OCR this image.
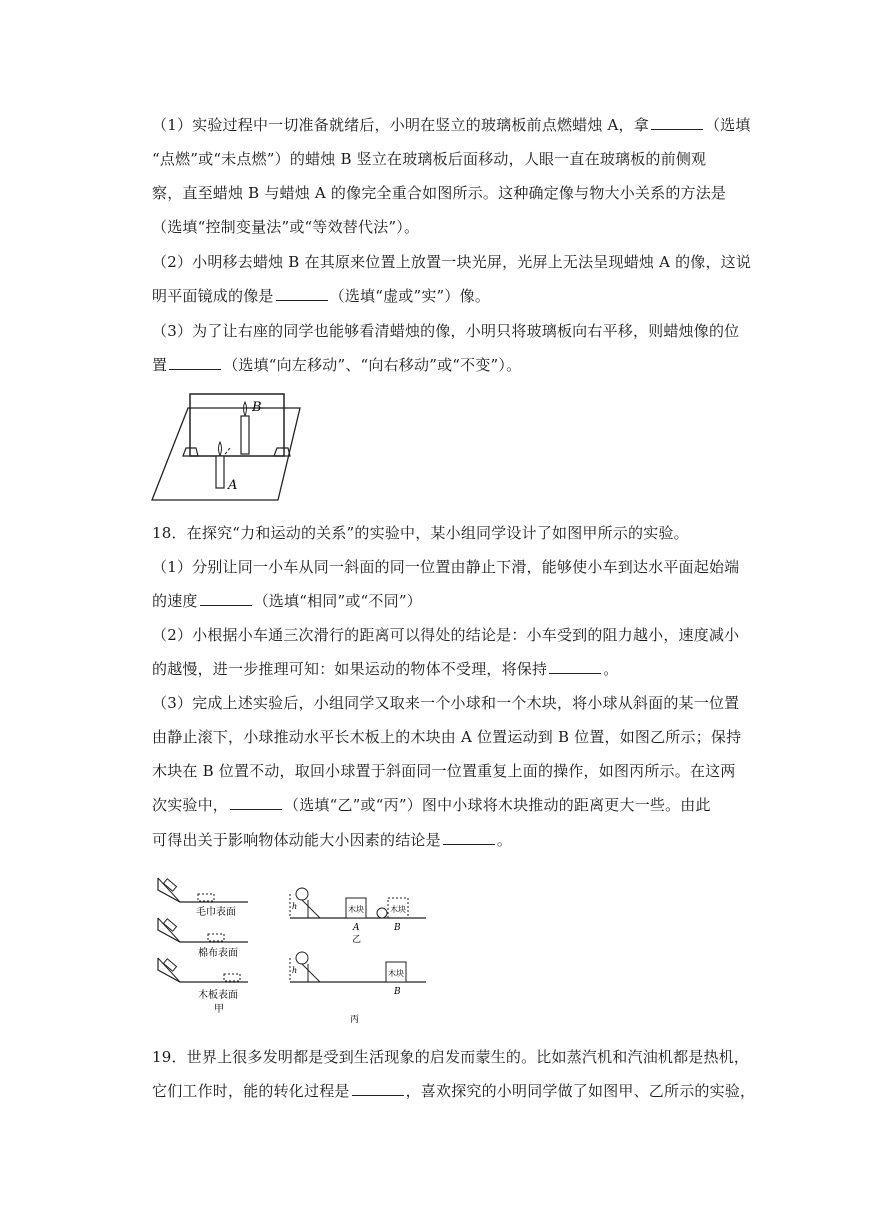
（1）实验过程中一切准备就绪后，小明在竖立的玻璃板前点燃蜡烛 A，拿	（选填
“点燃”或“未点燃”）的蜡烛 B 竖立在玻璃板后面移动，人眼一直在玻璃板的前侧观
察，直至蜡烛 B 与蜡烛 A 的像完全重合如图所示。这种确定像与物大小关系的方法是
（选填“控制变量法”或“等效替代法”）。
（2）小明移去蜡烛 B 在其原来位置上放置一块光屏，光屏上无法呈现蜡烛 A 的像，这说
明平面镜成的像是	（选填“虚或”实”）像。
（3）为了让右座的同学也能够看清蜡烛的像，小明只将玻璃板向右平移，则蜡烛像的位
置	（选填“向左移动”、“向右移动”或“不变”）。
B
A
18．在探究“力和运动的关系”的实验中，某小组同学设计了如图甲所示的实验。
（1）分别让同一小车从同一斜面的同一位置由静止下滑，能够使小车到达水平面起始端
的速度	（选填“相同”或“不同”）
（2）小根据小车通三次滑行的距离可以得处的结论是：小车受到的阻力越小，速度减小
的越慢，进一步推理可知：如果运动的物体不受理，将保持	。
（3）完成上述实验后，小组同学又取来一个小球和一个木块，将小球从斜面的某一位置
由静止滚下，小球推动水平长木板上的木块由 A 位置运动到 B 位置，如图乙所示；保持
木块在 B 位置不动，取回小球置于斜面同一位置重复上面的操作，如图丙所示。在这两
次实验中，	（选填“乙”或“丙”）图中小球将木块推动的距离更大一些。由此
可得出关于影响物体动能大小因素的结论是	。
毛巾表面
棉布表面
木板表面
甲
h	木块	木块
A	B
乙
h	木块
B
丙
19．世界上很多发明都是受到生活现象的启发而蒙生的。比如蒸汽机和汽油机都是热机，
它们工作时，能的转化过程是	，喜欢探究的小明同学做了如图甲、乙所示的实验，
